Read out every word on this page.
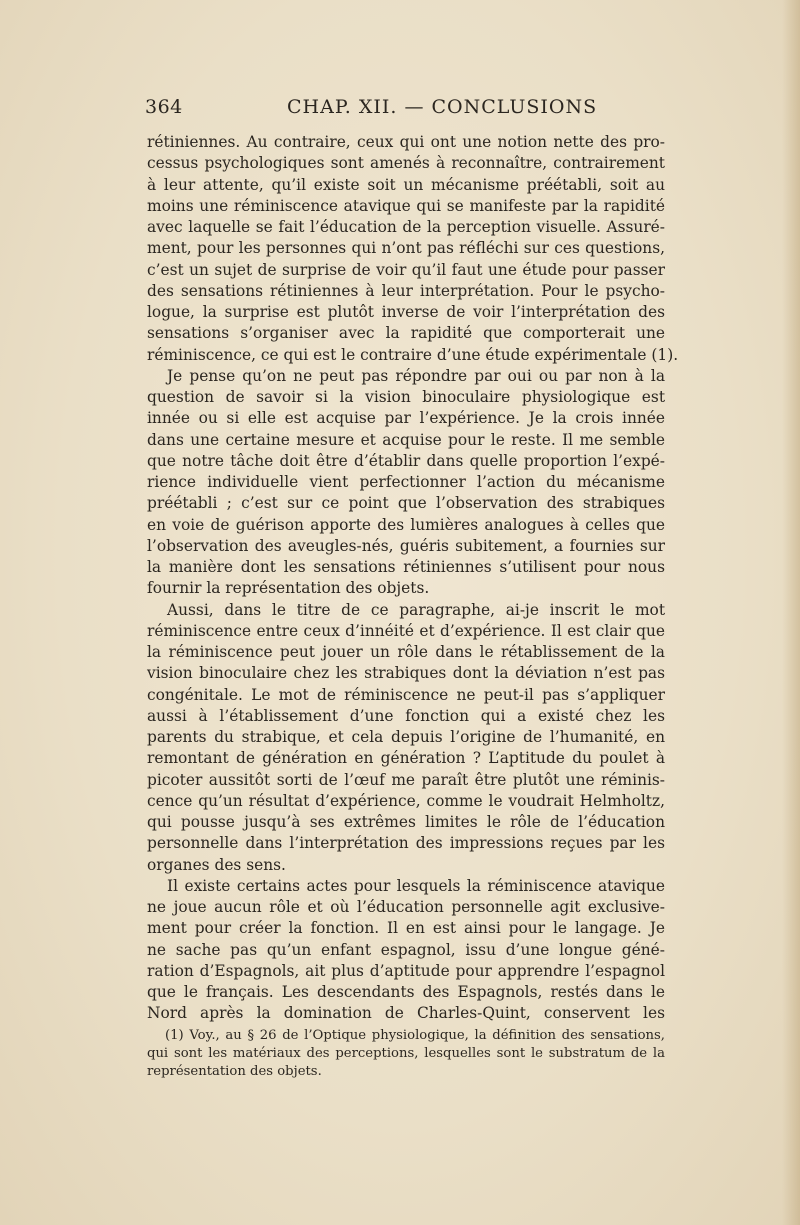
364	CHAP. XII. — CONCLUSIONS
rétiniennes. Au contraire, ceux qui ont une notion nette des pro-
cessus psychologiques sont amenés à reconnaître, contrairement
à leur attente, qu’il existe soit un mécanisme préétabli, soit au
moins une réminiscence atavique qui se manifeste par la rapidité
avec laquelle se fait l’éducation de la perception visuelle. Assuré-
ment, pour les personnes qui n’ont pas réfléchi sur ces questions,
c’est un sujet de surprise de voir qu’il faut une étude pour passer
des sensations rétiniennes à leur interprétation. Pour le psycho-
logue, la surprise est plutôt inverse de voir l’interprétation des
sensations s’organiser avec la rapidité que comporterait une
réminiscence, ce qui est le contraire d’une étude expérimentale (1).
Je pense qu’on ne peut pas répondre par oui ou par non à la
question de savoir si la vision binoculaire physiologique est
innée ou si elle est acquise par l’expérience. Je la crois innée
dans une certaine mesure et acquise pour le reste. Il me semble
que notre tâche doit être d’établir dans quelle proportion l’expé-
rience individuelle vient perfectionner l’action du mécanisme
préétabli ; c’est sur ce point que l’observation des strabiques
en voie de guérison apporte des lumières analogues à celles que
l’observation des aveugles-nés, guéris subitement, a fournies sur
la manière dont les sensations rétiniennes s’utilisent pour nous
fournir la représentation des objets.
Aussi, dans le titre de ce paragraphe, ai-je inscrit le mot
réminiscence entre ceux d’innéité et d’expérience. Il est clair que
la réminiscence peut jouer un rôle dans le rétablissement de la
vision binoculaire chez les strabiques dont la déviation n’est pas
congénitale. Le mot de réminiscence ne peut-il pas s’appliquer
aussi à l’établissement d’une fonction qui a existé chez les
parents du strabique, et cela depuis l’origine de l’humanité, en
remontant de génération en génération ? L’aptitude du poulet à
picoter aussitôt sorti de l’œuf me paraît être plutôt une réminis-
cence qu’un résultat d’expérience, comme le voudrait Helmholtz,
qui pousse jusqu’à ses extrêmes limites le rôle de l’éducation
personnelle dans l’interprétation des impressions reçues par les
organes des sens.
Il existe certains actes pour lesquels la réminiscence atavique
ne joue aucun rôle et où l’éducation personnelle agit exclusive-
ment pour créer la fonction. Il en est ainsi pour le langage. Je
ne sache pas qu’un enfant espagnol, issu d’une longue géné-
ration d’Espagnols, ait plus d’aptitude pour apprendre l’espagnol
que le français. Les descendants des Espagnols, restés dans le
Nord après la domination de Charles-Quint, conservent les
(1) Voy., au § 26 de l’Optique physiologique, la définition des sensations,
qui sont les matériaux des perceptions, lesquelles sont le substratum de la
représentation des objets.
